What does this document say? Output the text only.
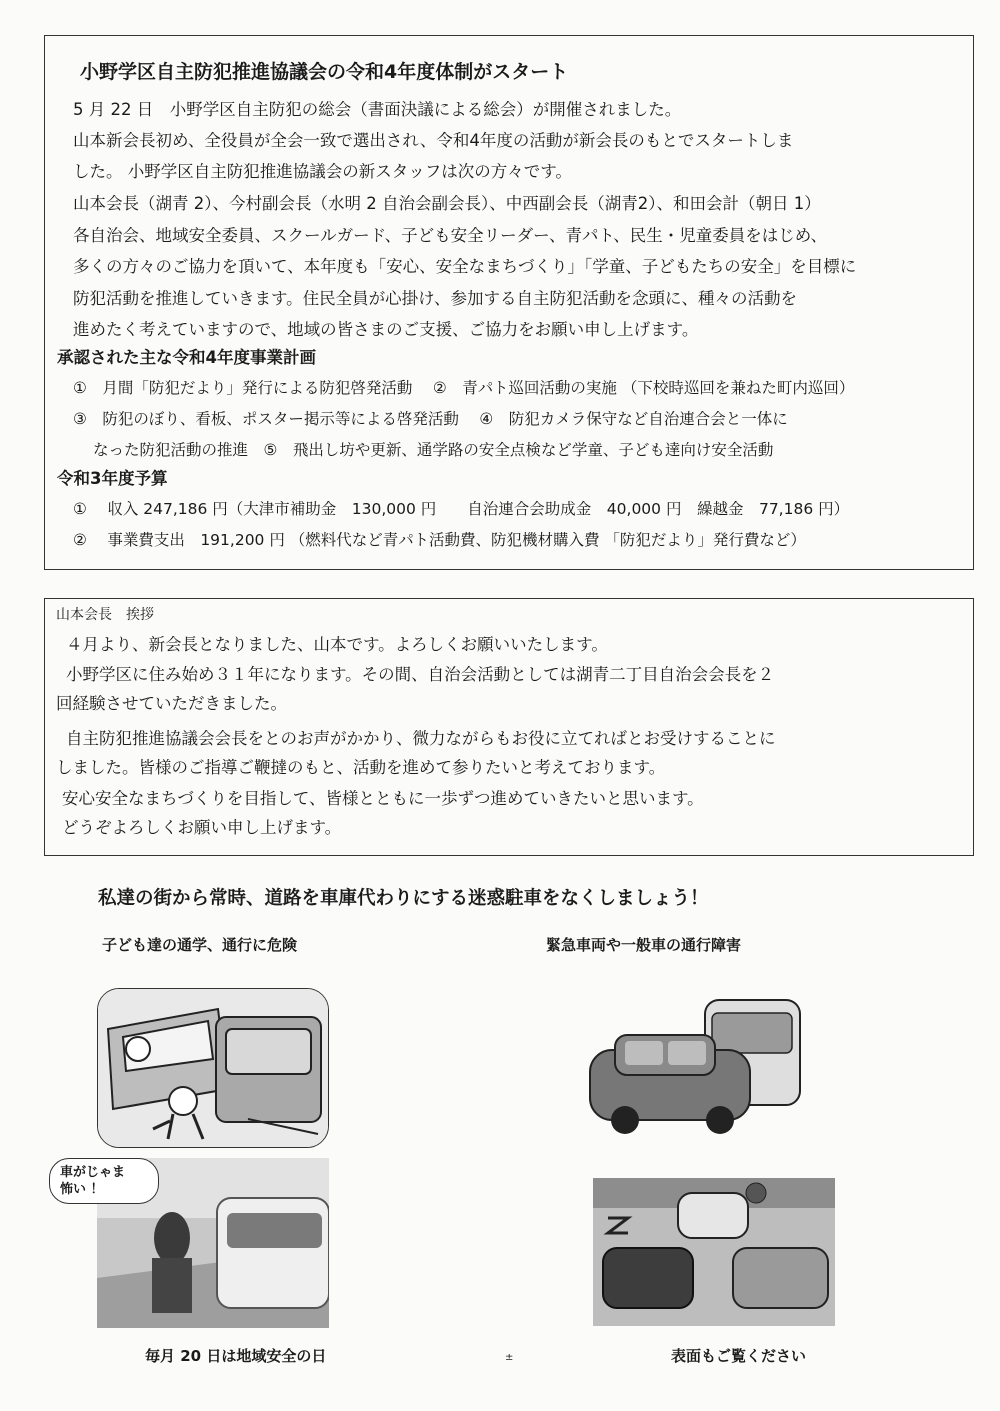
小野学区自主防犯推進協議会の令和4年度体制がスタート
5 月 22 日　小野学区自主防犯の総会（書面決議による総会）が開催されました。
山本新会長初め、全役員が全会一致で選出され、令和4年度の活動が新会長のもとでスタートしま
した。 小野学区自主防犯推進協議会の新スタッフは次の方々です。
山本会長（湖青 2）、今村副会長（水明 2 自治会副会長）、中西副会長（湖青2）、和田会計（朝日 1）
各自治会、地域安全委員、スクールガード、子ども安全リーダー、青パト、民生・児童委員をはじめ、
多くの方々のご協力を頂いて、本年度も「安心、安全なまちづくり」「学童、子どもたちの安全」を目標に
防犯活動を推進していきます。住民全員が心掛け、参加する自主防犯活動を念頭に、種々の活動を
進めたく考えていますので、地域の皆さまのご支援、ご協力をお願い申し上げます。
承認された主な令和4年度事業計画
①　月間「防犯だより」発行による防犯啓発活動　 ②　青パト巡回活動の実施 （下校時巡回を兼ねた町内巡回）
③　防犯のぼり、看板、ポスター掲示等による啓発活動　 ④　防犯カメラ保守など自治連合会と一体に
なった防犯活動の推進　⑤　飛出し坊や更新、通学路の安全点検など学童、子ども達向け安全活動
令和3年度予算
①　 収入 247,186 円（大津市補助金　130,000 円　　自治連合会助成金　40,000 円　繰越金　77,186 円）
②　 事業費支出　191,200 円 （燃料代など青パト活動費、防犯機材購入費 「防犯だより」発行費など）
山本会長　挨拶
４月より、新会長となりました、山本です。よろしくお願いいたします。
小野学区に住み始め３１年になります。その間、自治会活動としては湖青二丁目自治会会長を２
回経験させていただきました。
自主防犯推進協議会会長をとのお声がかかり、微力ながらもお役に立てればとお受けすることに
しました。皆様のご指導ご鞭撻のもと、活動を進めて参りたいと考えております。
安心安全なまちづくりを目指して、皆様とともに一歩ずつ進めていきたいと思います。
どうぞよろしくお願い申し上げます。
私達の街から常時、道路を車庫代わりにする迷惑駐車をなくしましょう！
子ども達の通学、通行に危険	緊急車両や一般車の通行障害
車がじゃま
怖い ！
毎月 20 日は地域安全の日	±	表面もご覧ください
